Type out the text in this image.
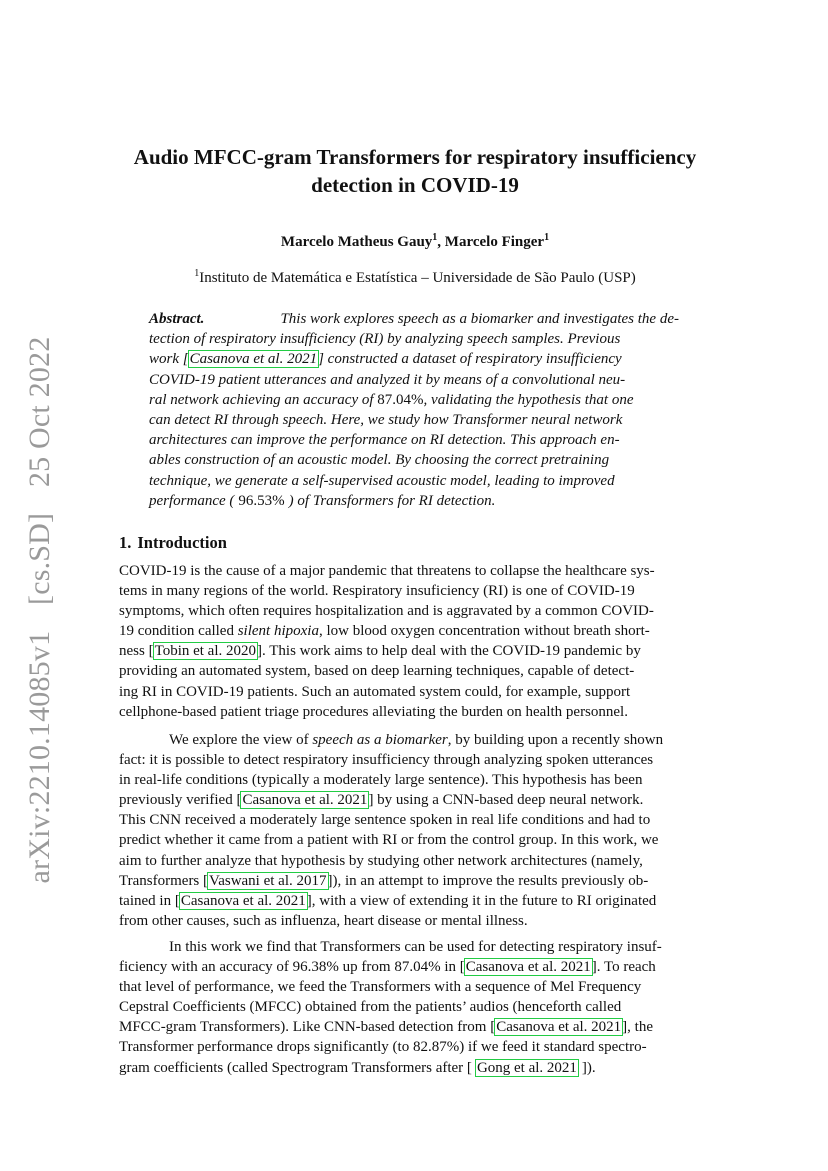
arXiv:2210.14085v1 [cs.SD] 25 Oct 2022
Audio MFCC-gram Transformers for respiratory insufficiency
detection in COVID-19
Marcelo Matheus Gauy$^1$, Marcelo Finger$^1$
$^1$Instituto de Matemática e Estatística – Universidade de São Paulo (USP)
Abstract.	This work explores speech as a biomarker and investigates the de-
tection of respiratory insufficiency (RI) by analyzing speech samples. Previous
work [Casanova et al. 2021] constructed a dataset of respiratory insufficiency
COVID-19 patient utterances and analyzed it by means of a convolutional neu-
ral network achieving an accuracy of 87.04%, validating the hypothesis that one
can detect RI through speech. Here, we study how Transformer neural network
architectures can improve the performance on RI detection. This approach en-
ables construction of an acoustic model. By choosing the correct pretraining
technique, we generate a self-supervised acoustic model, leading to improved
performance ( 96.53% ) of Transformers for RI detection.
1. Introduction
COVID-19 is the cause of a major pandemic that threatens to collapse the healthcare sys-
tems in many regions of the world. Respiratory insuficiency (RI) is one of COVID-19
symptoms, which often requires hospitalization and is aggravated by a common COVID-
19 condition called silent hipoxia, low blood oxygen concentration without breath short-
ness [Tobin et al. 2020]. This work aims to help deal with the COVID-19 pandemic by
providing an automated system, based on deep learning techniques, capable of detect-
ing RI in COVID-19 patients. Such an automated system could, for example, support
cellphone-based patient triage procedures alleviating the burden on health personnel.
We explore the view of speech as a biomarker, by building upon a recently shown
fact: it is possible to detect respiratory insufficiency through analyzing spoken utterances
in real-life conditions (typically a moderately large sentence). This hypothesis has been
previously verified [Casanova et al. 2021] by using a CNN-based deep neural network.
This CNN received a moderately large sentence spoken in real life conditions and had to
predict whether it came from a patient with RI or from the control group. In this work, we
aim to further analyze that hypothesis by studying other network architectures (namely,
Transformers [Vaswani et al. 2017]), in an attempt to improve the results previously ob-
tained in [Casanova et al. 2021], with a view of extending it in the future to RI originated
from other causes, such as influenza, heart disease or mental illness.
In this work we find that Transformers can be used for detecting respiratory insuf-
ficiency with an accuracy of 96.38% up from 87.04% in [Casanova et al. 2021]. To reach
that level of performance, we feed the Transformers with a sequence of Mel Frequency
Cepstral Coefficients (MFCC) obtained from the patients’ audios (henceforth called
MFCC-gram Transformers). Like CNN-based detection from [Casanova et al. 2021], the
Transformer performance drops significantly (to 82.87%) if we feed it standard spectro-
gram coefficients (called Spectrogram Transformers after [ Gong et al. 2021 ]).
